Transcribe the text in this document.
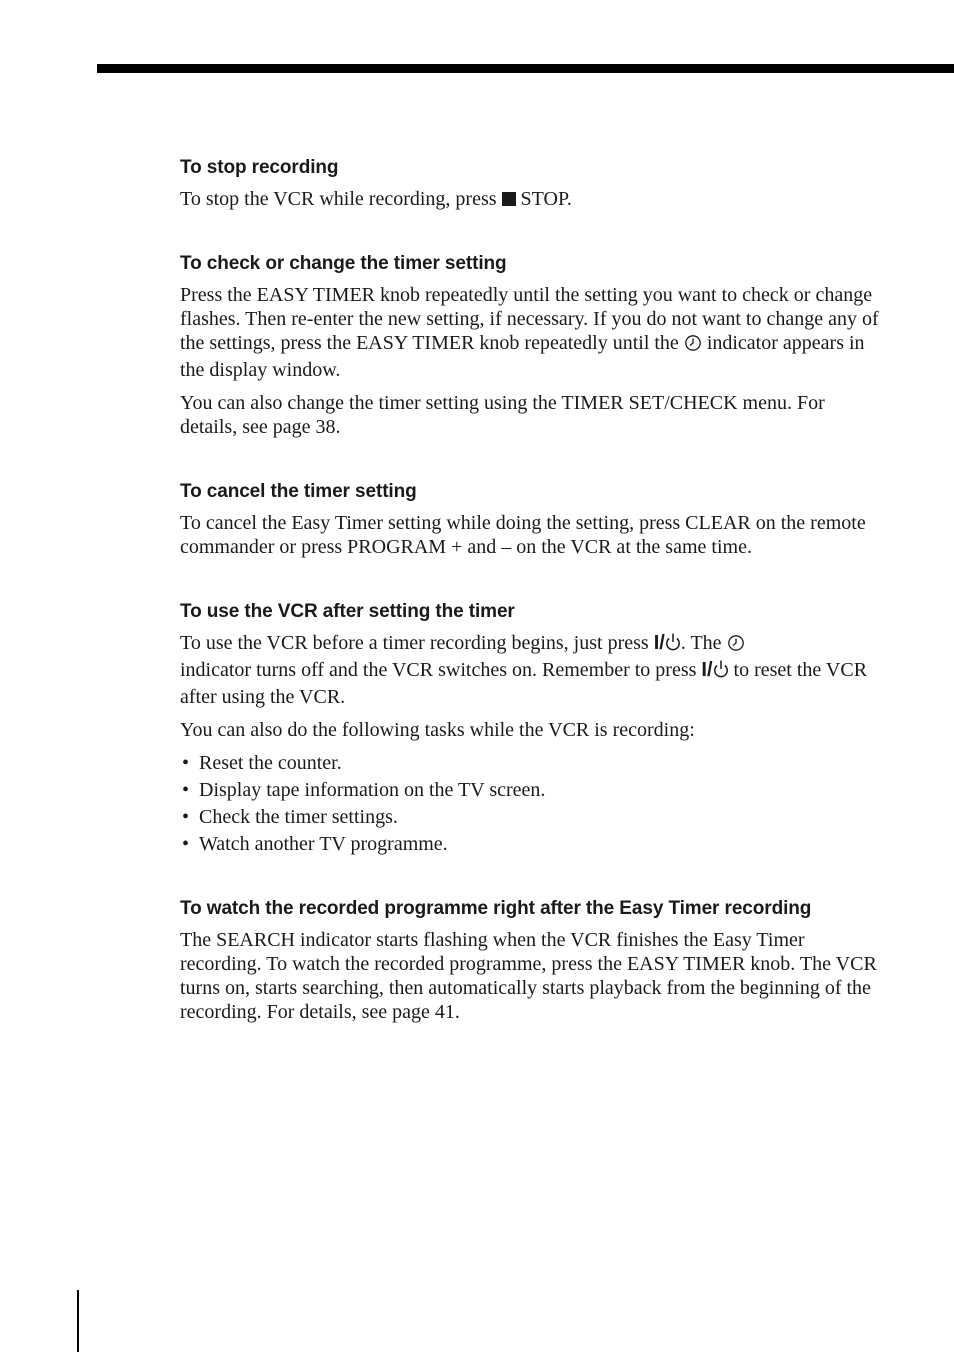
To stop recording

To stop the VCR while recording, press STOP.

To check or change the timer setting

Press the EASY TIMER knob repeatedly until the setting you want to check or change flashes. Then re-enter the new setting, if necessary. If you do not want to change any of the settings, press the EASY TIMER knob repeatedly until the indicator appears in the display window.

You can also change the timer setting using the TIMER SET/CHECK menu. For details, see page 38.

To cancel the timer setting

To cancel the Easy Timer setting while doing the setting, press CLEAR on the remote commander or press PROGRAM + and – on the VCR at the same time.

To use the VCR after setting the timer

To use the VCR before a timer recording begins, just press I/ . The
indicator turns off and the VCR switches on. Remember to press I/ to reset the VCR after using the VCR.

You can also do the following tasks while the VCR is recording:

• Reset the counter.
• Display tape information on the TV screen.
• Check the timer settings.
• Watch another TV programme.
To watch the recorded programme right after the Easy Timer recording

The SEARCH indicator starts flashing when the VCR finishes the Easy Timer recording. To watch the recorded programme, press the EASY TIMER knob. The VCR turns on, starts searching, then automatically starts playback from the beginning of the recording. For details, see page 41.
